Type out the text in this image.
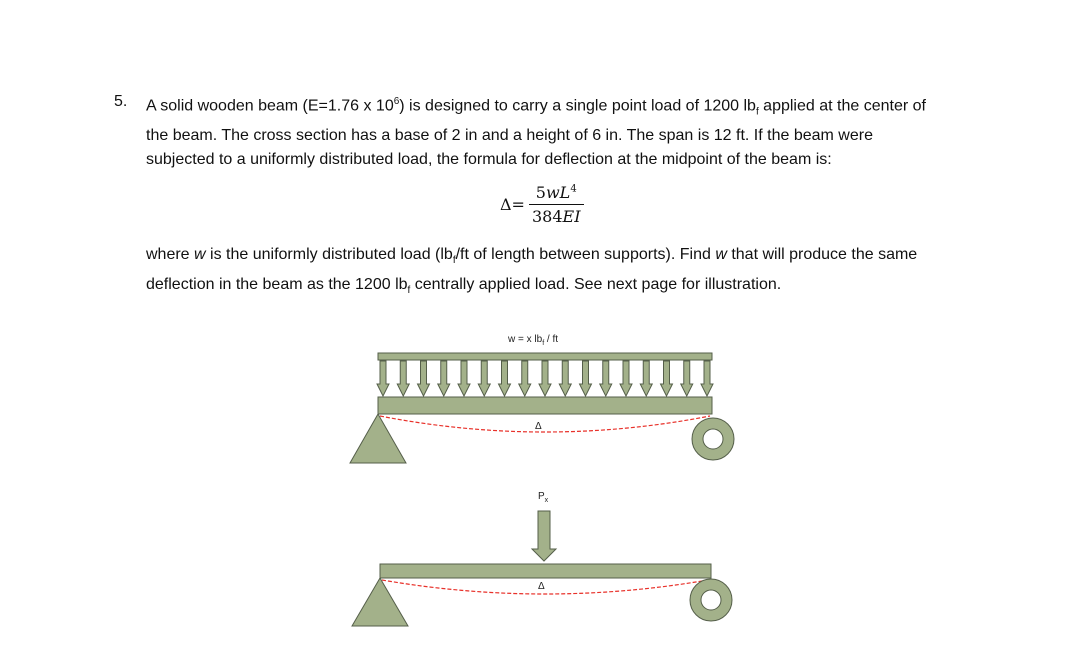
5. A solid wooden beam (E=1.76 x $10^6$) is designed to carry a single point load of 1200 $lb_f$ applied at the center of the beam. The cross section has a base of 2 in and a height of 6 in. The span is 12 ft. If the beam were subjected to a uniformly distributed load, the formula for deflection at the midpoint of the beam is:
where w is the uniformly distributed load ($lb_f/ft$ of length between supports). Find w that will produce the same deflection in the beam as the 1200 $lb_f$ centrally applied load. See next page for illustration.
$\Delta= \frac{5wL^4}{384EI}$
w = x $lb_f$ / ft
Δ
$P_x$
Δ
